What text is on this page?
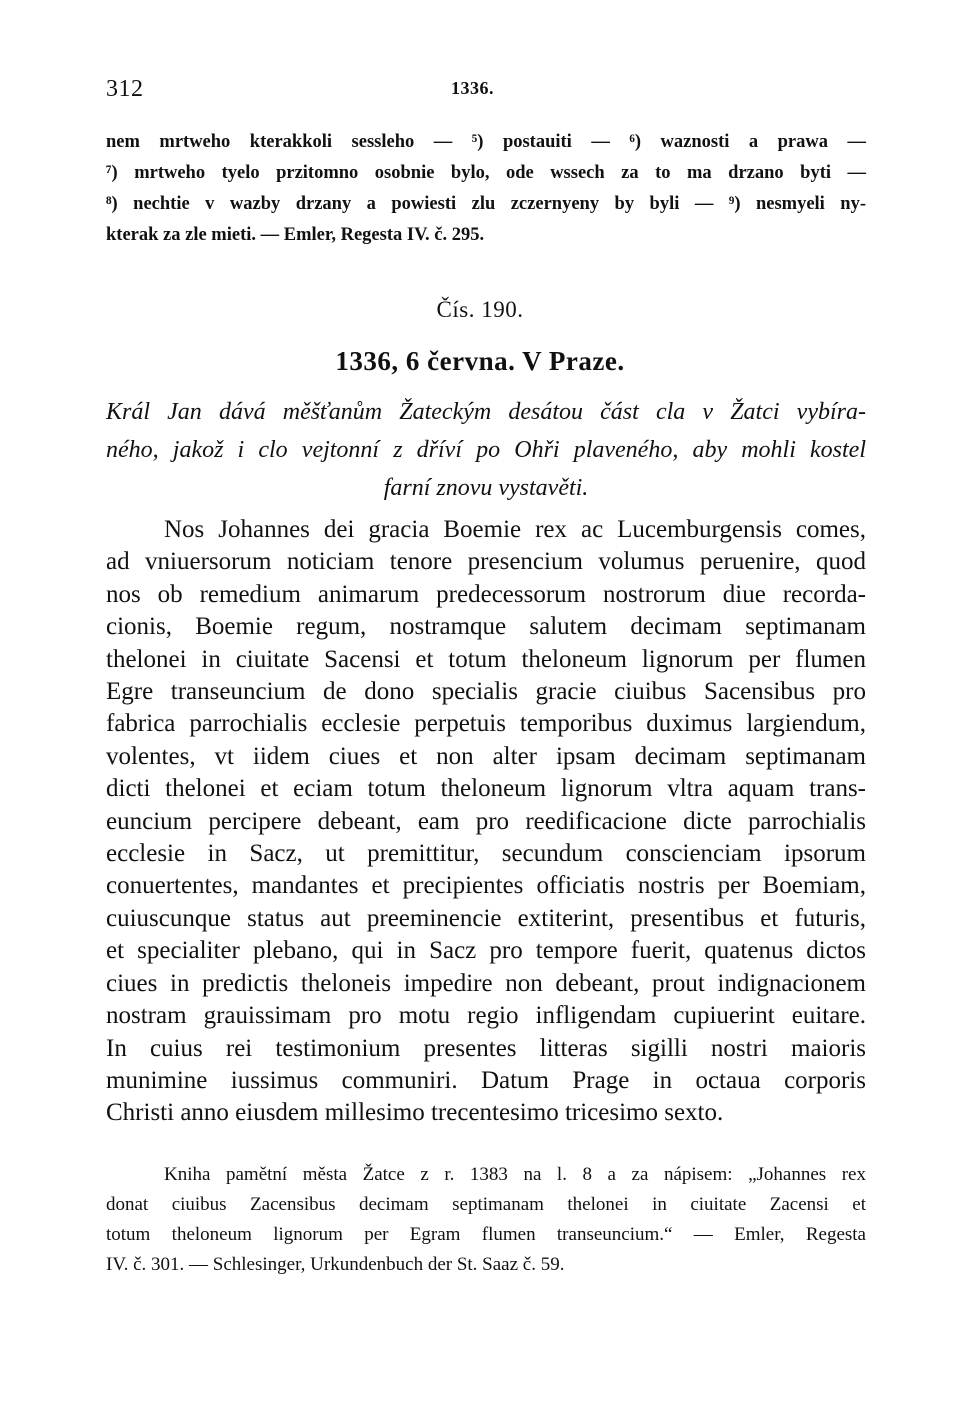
312	1336.

nem mrtweho kterakkoli sessleho — ⁵) postauiti — ⁶) waznosti a prawa —
⁷) mrtweho tyelo przitomno osobnie bylo, ode wssech za to ma drzano byti —
⁸) nechtie v wazby drzany a powiesti zlu zczernyeny by byli — ⁹) nesmyeli ny-
kterak za zle mieti. — Emler, Regesta IV. č. 295.

Čís. 190.
1336, 6 června. V Praze.

Král Jan dává měšťanům Žateckým desátou část cla v Žatci vybíra-
ného, jakož i clo vejtonní z dříví po Ohři plaveného, aby mohli kostel
farní znovu vystavěti.

Nos Johannes dei gracia Boemie rex ac Lucemburgensis comes,
ad vniuersorum noticiam tenore presencium volumus peruenire, quod
nos ob remedium animarum predecessorum nostrorum diue recorda-
cionis, Boemie regum, nostramque salutem decimam septimanam
thelonei in ciuitate Sacensi et totum theloneum lignorum per flumen
Egre transeuncium de dono specialis gracie ciuibus Sacensibus pro
fabrica parrochialis ecclesie perpetuis temporibus duximus largiendum,
volentes, vt iidem ciues et non alter ipsam decimam septimanam
dicti thelonei et eciam totum theloneum lignorum vltra aquam trans-
euncium percipere debeant, eam pro reedificacione dicte parrochialis
ecclesie in Sacz, ut premittitur, secundum conscienciam ipsorum
conuertentes, mandantes et precipientes officiatis nostris per Boemiam,
cuiuscunque status aut preeminencie extiterint, presentibus et futuris,
et specialiter plebano, qui in Sacz pro tempore fuerit, quatenus dictos
ciues in predictis theloneis impedire non debeant, prout indignacionem
nostram grauissimam pro motu regio infligendam cupiuerint euitare.
In cuius rei testimonium presentes litteras sigilli nostri maioris
munimine iussimus communiri. Datum Prage in octaua corporis
Christi anno eiusdem millesimo trecentesimo tricesimo sexto.

Kniha pamětní města Žatce z r. 1383 na l. 8 a za nápisem: „Johannes rex
donat ciuibus Zacensibus decimam septimanam thelonei in ciuitate Zacensi et
totum theloneum lignorum per Egram flumen transeuncium.“ — Emler, Regesta
IV. č. 301. — Schlesinger, Urkundenbuch der St. Saaz č. 59.
